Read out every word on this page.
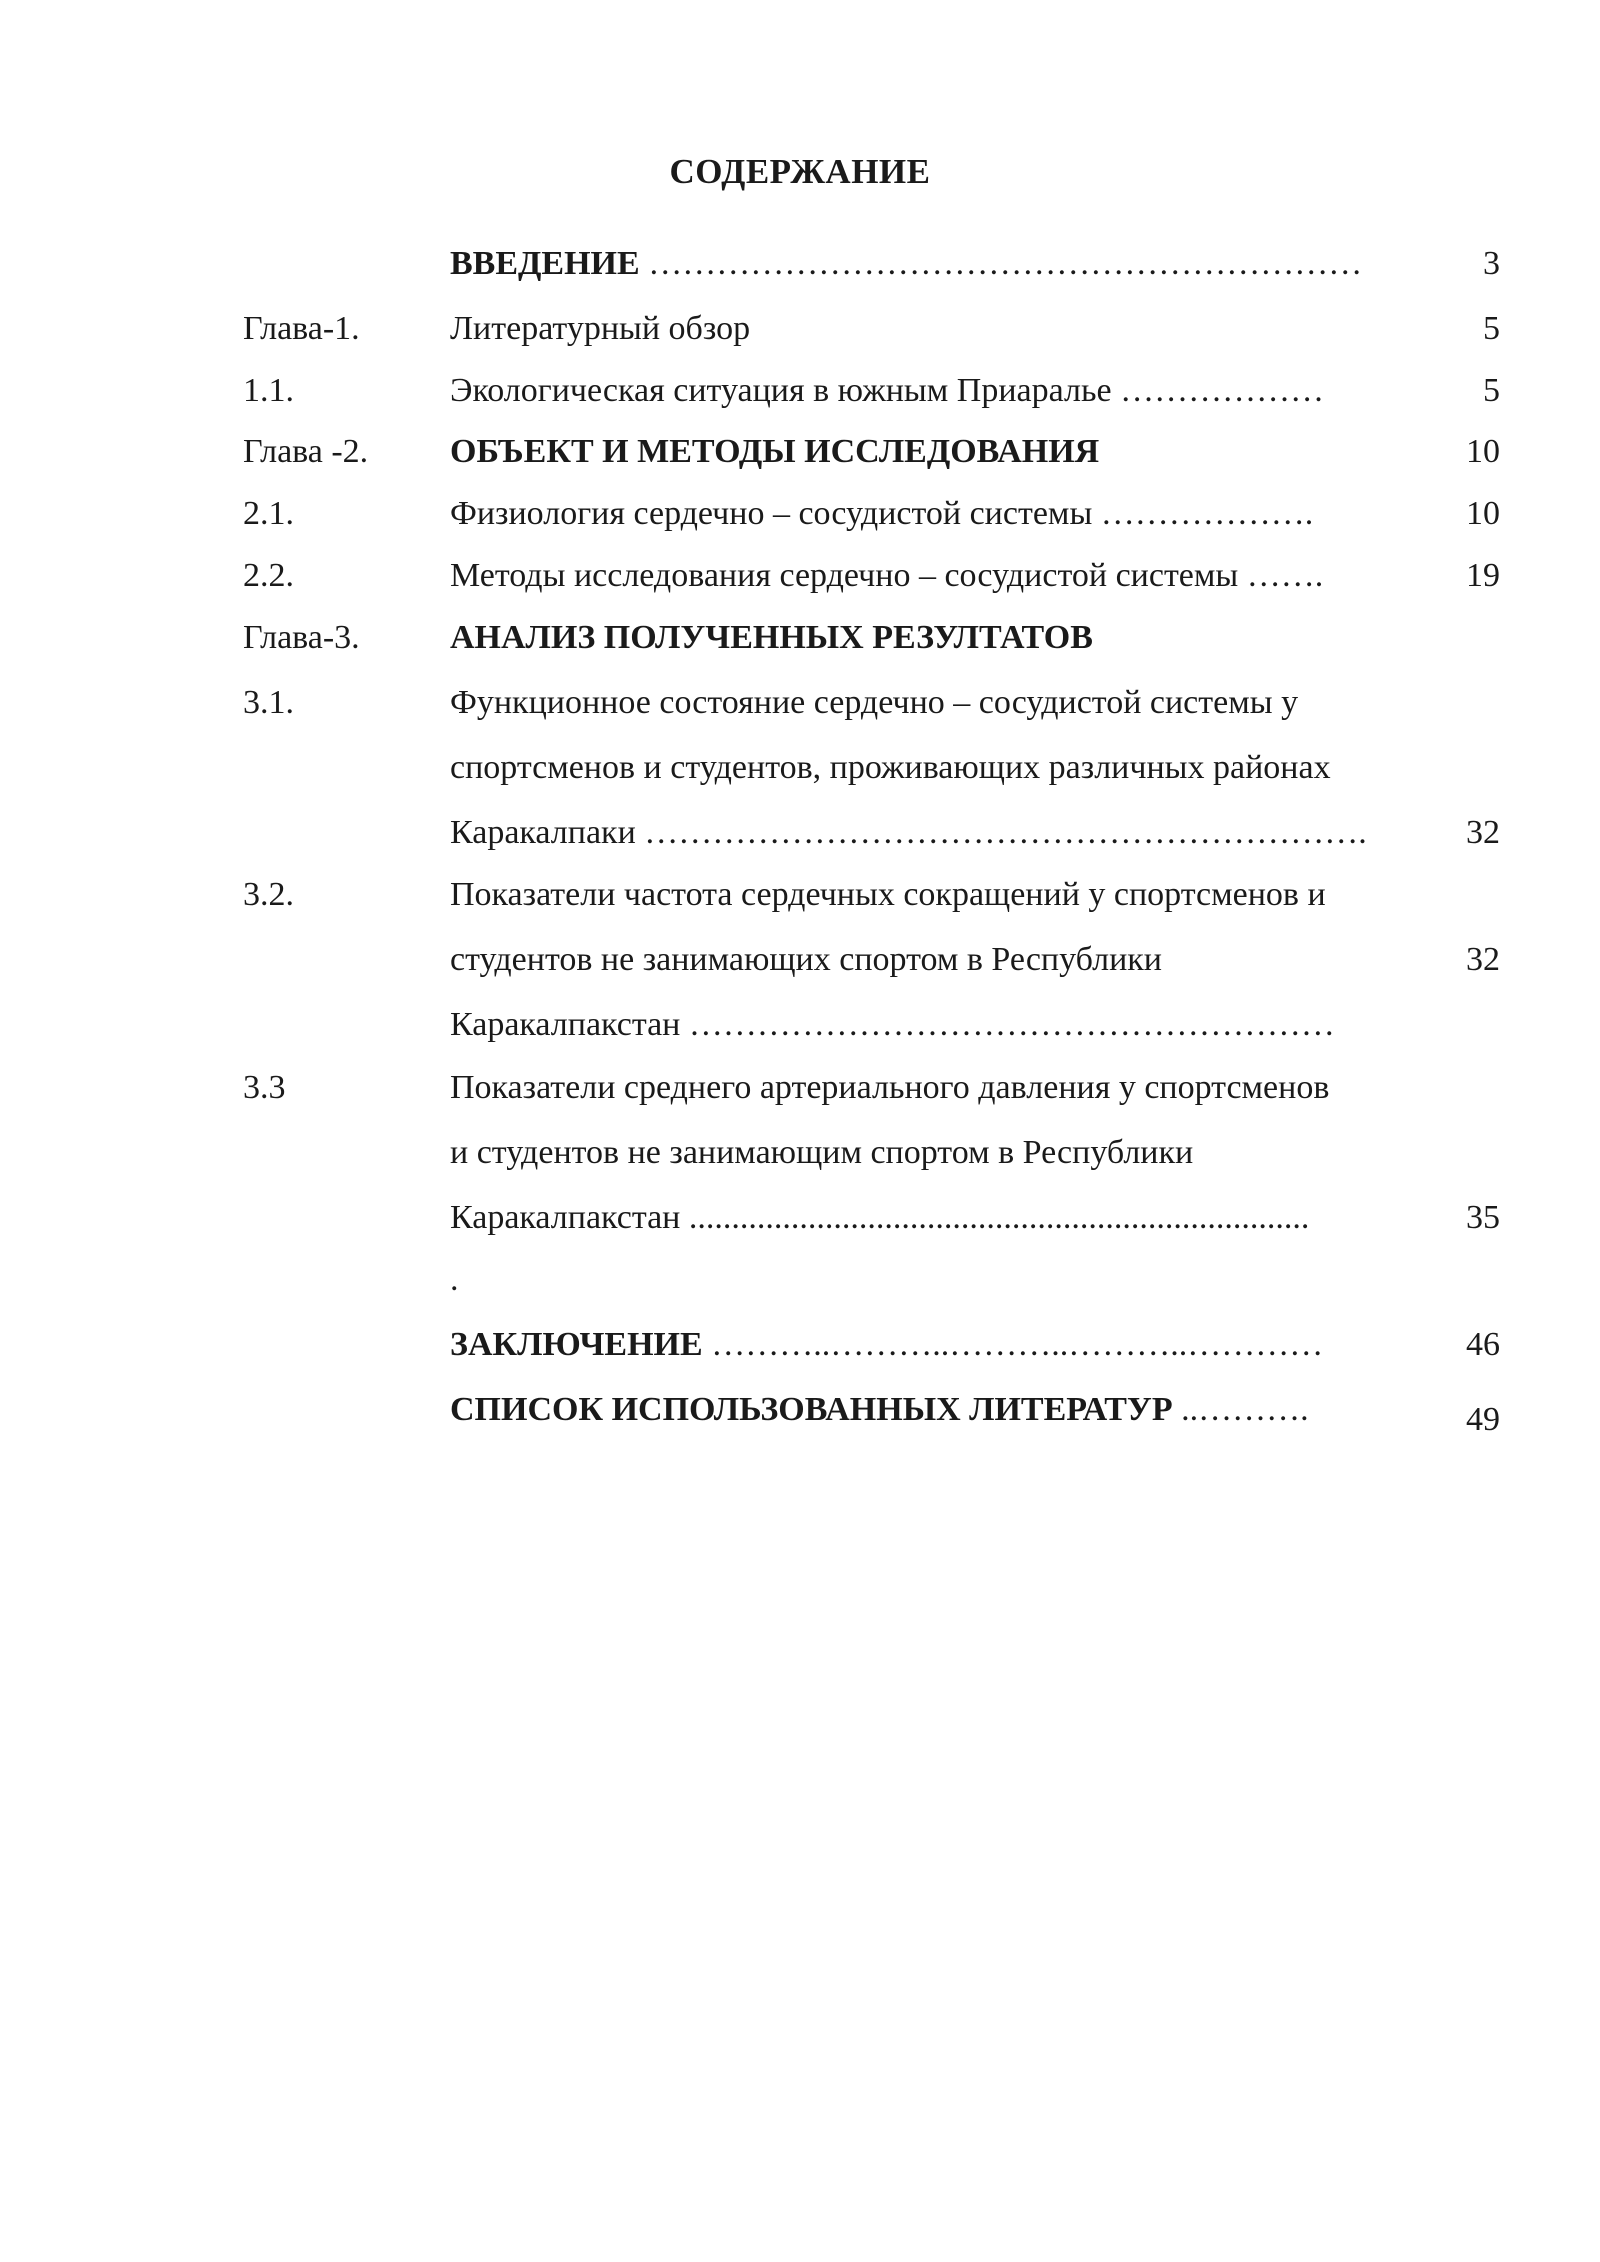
СОДЕРЖАНИЕ
ВВЕДЕНИЕ ………………………………………………………	3
Глава-1.	Литературный обзор	5
1.1.	Экологическая ситуация в южным Приаралье ………………	5
Глава -2. ОБЪЕКТ И МЕТОДЫ ИССЛЕДОВАНИЯ	10
2.1.	Физиология сердечно – сосудистой системы ……………….	10
2.2.	Методы исследования сердечно – сосудистой системы …….	19
Глава-3.	АНАЛИЗ ПОЛУЧЕННЫХ РЕЗУЛТАТОВ
3.1.	Функционное состояние сердечно – сосудистой системы у
спортсменов и студентов, проживающих различных районах
Каракалпаки ……………………………………………………….	32
3.2.	Показатели частота сердечных сокращений у спортсменов и
студентов не занимающих спортом в Республики	32
Каракалпакстан …………………………………………………
3.3	Показатели среднего артериального давления у спортсменов
и студентов не занимающим спортом в Республики
Каракалпакстан .........................................................................	35
.
ЗАКЛЮЧЕНИЕ ………..………..………..………..…………	46
СПИСОК ИСПОЛЬЗОВАННЫХ ЛИТЕРАТУР ..……….	49
